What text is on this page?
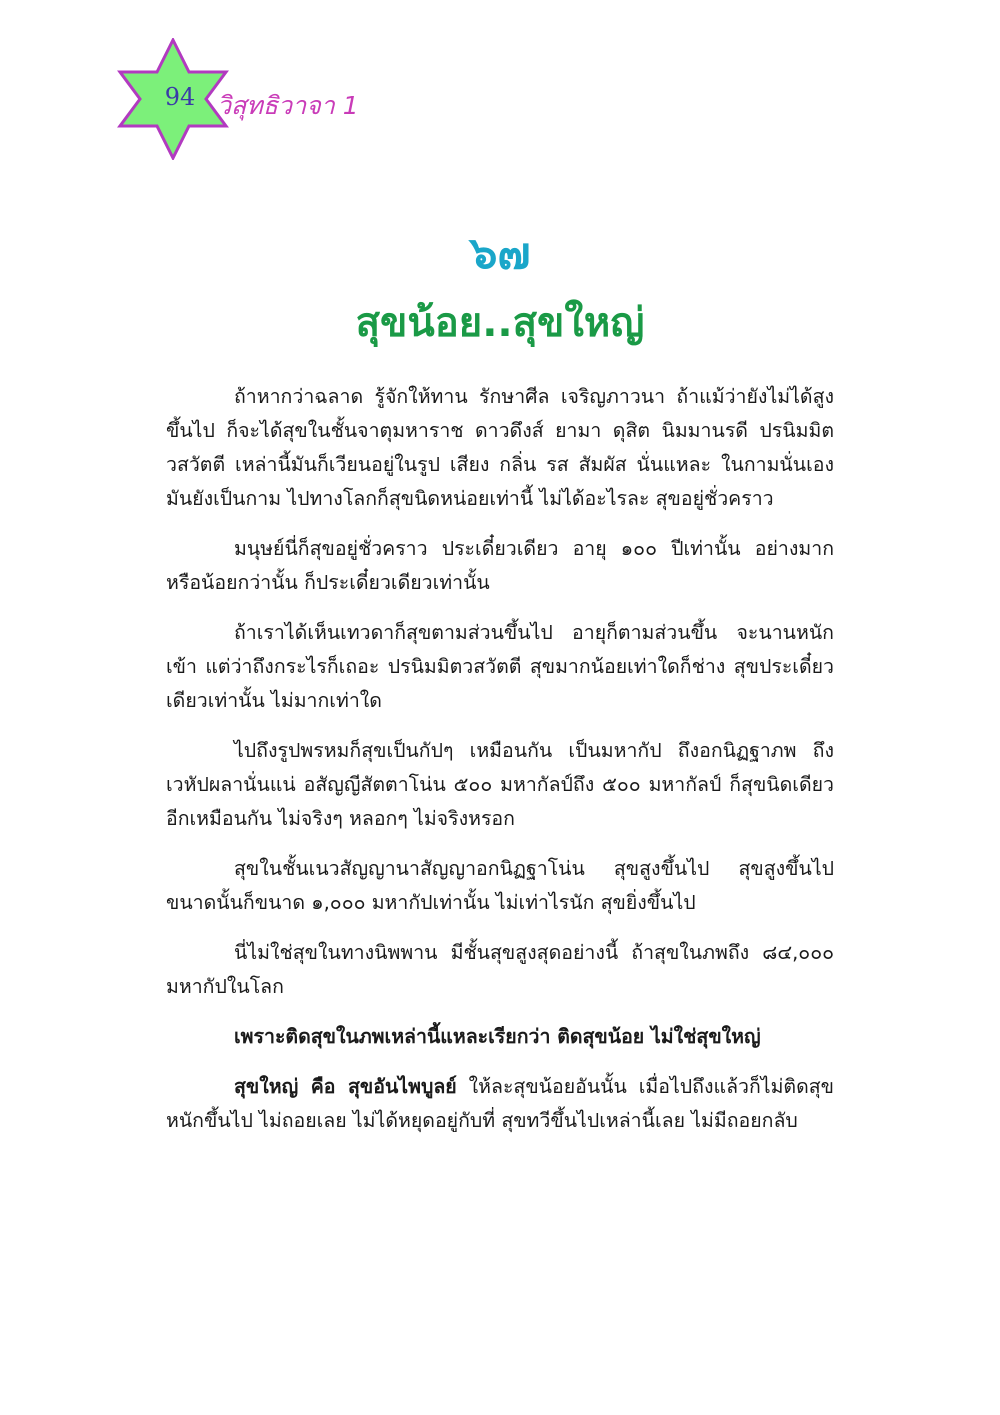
94 วิสุทธิวาจา 1
๖๗
สุขน้อย..สุขใหญ่

ถ้าหากว่าฉลาด รู้จักให้ทาน รักษาศีล เจริญภาวนา ถ้าแม้ว่ายังไม่ได้สูงขึ้นไป ก็จะได้สุขในชั้นจาตุมหาราช ดาวดึงส์ ยามา ดุสิต นิมมานรดี ปรนิมมิตวสวัตตี เหล่านี้มันก็เวียนอยู่ในรูป เสียง กลิ่น รส สัมผัส นั่นแหละ ในกามนั่นเอง มันยังเป็นกาม ไปทางโลกก็สุขนิดหน่อยเท่านี้ ไม่ได้อะไรละ สุขอยู่ชั่วคราว

มนุษย์นี่ก็สุขอยู่ชั่วคราว ประเดี๋ยวเดียว อายุ ๑๐๐ ปีเท่านั้น อย่างมาก หรือน้อยกว่านั้น ก็ประเดี๋ยวเดียวเท่านั้น

ถ้าเราได้เห็นเทวดาก็สุขตามส่วนขึ้นไป อายุก็ตามส่วนขึ้น จะนานหนักเข้า แต่ว่าถึงกระไรก็เถอะ ปรนิมมิตวสวัตตี สุขมากน้อยเท่าใดก็ช่าง สุขประเดี๋ยวเดียวเท่านั้น ไม่มากเท่าใด

ไปถึงรูปพรหมก็สุขเป็นกัปๆ เหมือนกัน เป็นมหากัป ถึงอกนิฏฐาภพ ถึงเวหัปผลานั่นแน่ อสัญญีสัตตาโน่น ๕๐๐ มหากัลป์ถึง ๕๐๐ มหากัลป์ ก็สุขนิดเดียวอีกเหมือนกัน ไม่จริงๆ หลอกๆ ไม่จริงหรอก

สุขในชั้นเนวสัญญานาสัญญาอกนิฏฐาโน่น สุขสูงขึ้นไป สุขสูงขึ้นไป ขนาดนั้นก็ขนาด ๑,๐๐๐ มหากัปเท่านั้น ไม่เท่าไรนัก สุขยิ่งขึ้นไป

นี่ไม่ใช่สุขในทางนิพพาน มีชั้นสุขสูงสุดอย่างนี้ ถ้าสุขในภพถึง ๘๔,๐๐๐ มหากัปในโลก

เพราะติดสุขในภพเหล่านี้แหละเรียกว่า ติดสุขน้อย ไม่ใช่สุขใหญ่

สุขใหญ่ คือ สุขอันไพบูลย์ ให้ละสุขน้อยอันนั้น เมื่อไปถึงแล้วก็ไม่ติดสุขหนักขึ้นไป ไม่ถอยเลย ไม่ได้หยุดอยู่กับที่ สุขทวีขึ้นไปเหล่านี้เลย ไม่มีถอยกลับ
